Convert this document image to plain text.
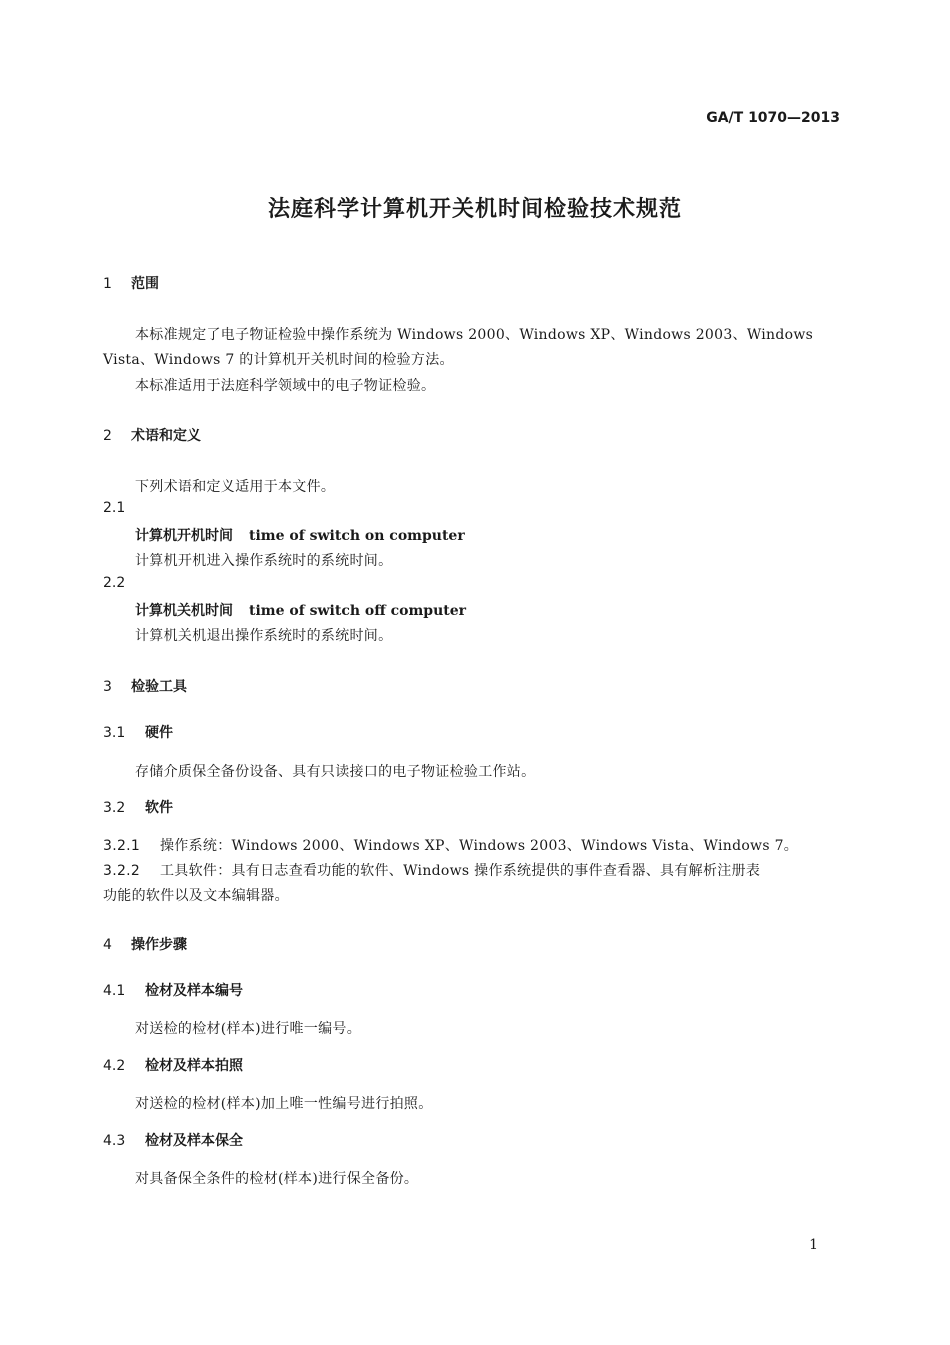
GA/T 1070—2013
法庭科学计算机开关机时间检验技术规范
1 范围
本标准规定了电子物证检验中操作系统为 Windows 2000、Windows XP、Windows 2003、Windows
Vista、Windows 7 的计算机开关机时间的检验方法。
本标准适用于法庭科学领域中的电子物证检验。
2 术语和定义
下列术语和定义适用于本文件。
2.1
计算机开机时间 time of switch on computer
计算机开机进入操作系统时的系统时间。
2.2
计算机关机时间 time of switch off computer
计算机关机退出操作系统时的系统时间。
3 检验工具
3.1 硬件
存储介质保全备份设备、具有只读接口的电子物证检验工作站。
3.2 软件
3.2.1 操作系统：Windows 2000、Windows XP、Windows 2003、Windows Vista、Windows 7。
3.2.2 工具软件：具有日志查看功能的软件、Windows 操作系统提供的事件查看器、具有解析注册表
功能的软件以及文本编辑器。
4 操作步骤
4.1 检材及样本编号
对送检的检材(样本)进行唯一编号。
4.2 检材及样本拍照
对送检的检材(样本)加上唯一性编号进行拍照。
4.3 检材及样本保全
对具备保全条件的检材(样本)进行保全备份。
1
